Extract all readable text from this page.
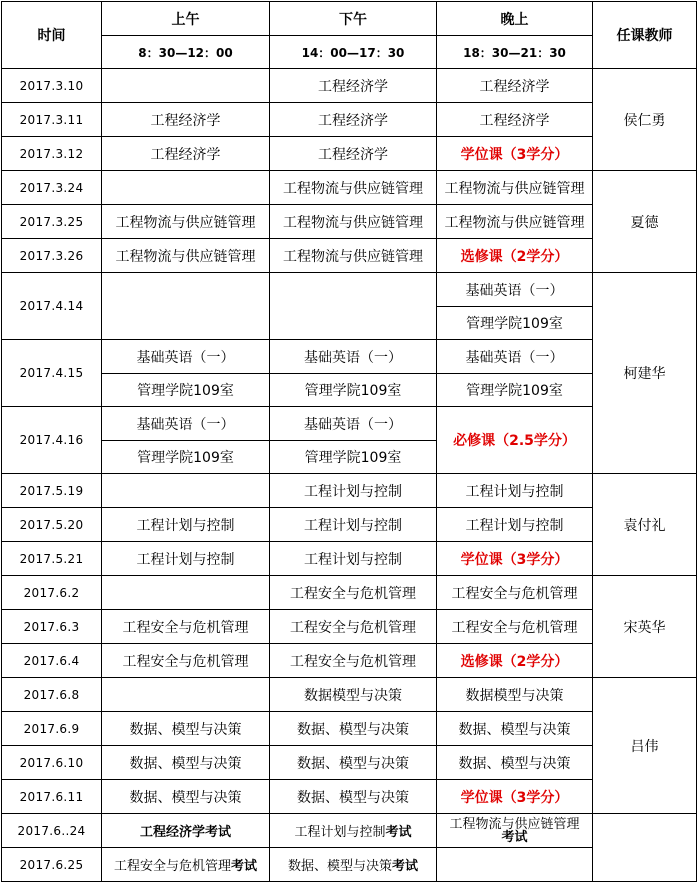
时间	上午	下午	晚上	任课教师
	8：30—12：00	14：00—17：30	18：30—21：30	
2017.3.10		工程经济学	工程经济学	侯仁勇
2017.3.11	工程经济学	工程经济学	工程经济学	
2017.3.12	工程经济学	工程经济学	学位课（3学分）	
2017.3.24		工程物流与供应链管理	工程物流与供应链管理	夏德
2017.3.25	工程物流与供应链管理	工程物流与供应链管理	工程物流与供应链管理	
2017.3.26	工程物流与供应链管理	工程物流与供应链管理	选修课（2学分）	
2017.4.14			基础英语（一）	柯建华
			管理学院109室	
2017.4.15	基础英语（一）	基础英语（一）	基础英语（一）	
	管理学院109室	管理学院109室	管理学院109室	
2017.4.16	基础英语（一）	基础英语（一）	必修课（2.5学分）	
	管理学院109室	管理学院109室		
2017.5.19		工程计划与控制	工程计划与控制	袁付礼
2017.5.20	工程计划与控制	工程计划与控制	工程计划与控制	
2017.5.21	工程计划与控制	工程计划与控制	学位课（3学分）	
2017.6.2		工程安全与危机管理	工程安全与危机管理	宋英华
2017.6.3	工程安全与危机管理	工程安全与危机管理	工程安全与危机管理	
2017.6.4	工程安全与危机管理	工程安全与危机管理	选修课（2学分）	
2017.6.8		数据模型与决策	数据模型与决策	吕伟
2017.6.9	数据、模型与决策	数据、模型与决策	数据、模型与决策	
2017.6.10	数据、模型与决策	数据、模型与决策	数据、模型与决策	
2017.6.11	数据、模型与决策	数据、模型与决策	学位课（3学分）	
2017.6..24	工程经济学考试	工程计划与控制考试	工程物流与供应链管理
考试	
2017.6.25	工程安全与危机管理考试	数据、模型与决策考试		
